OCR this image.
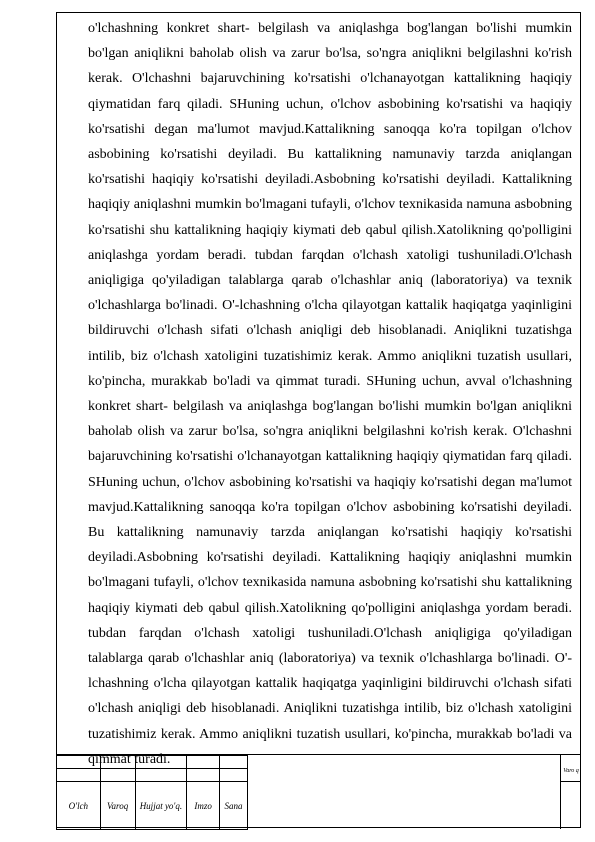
o'lchashning konkret shart- belgilash va aniqlashga bog'langan bo'lishi mumkin bo'lgan aniqlikni baholab olish va zarur bo'lsa, so'ngra aniqlikni belgilashni ko'rish kerak. O'lchashni bajaruvchining ko'rsatishi o'lchanayotgan kattalikning haqiqiy qiymatidan farq qiladi. SHuning uchun, o'lchov asbobining ko'rsatishi va haqiqiy ko'rsatishi degan ma'lumot mavjud.Kattalikning sanoqqa ko'ra topilgan o'lchov asbobining ko'rsatishi deyiladi. Bu kattalikning namunaviy tarzda aniqlangan ko'rsatishi haqiqiy ko'rsatishi deyiladi.Asbobning ko'rsatishi deyiladi. Kattalikning haqiqiy aniqlashni mumkin bo'lmagani tufayli, o'lchov texnikasida namuna asbobning ko'rsatishi shu kattalikning haqiqiy kiymati deb qabul qilish.Xatolikning qo'polligini aniqlashga yordam beradi. tubdan farqdan o'lchash xatoligi tushuniladi.O'lchash aniqligiga qo'yiladigan talablarga qarab o'lchashlar aniq (laboratoriya) va texnik o'lchashlarga bo'linadi. O'-lchashning o'lcha qilayotgan kattalik haqiqatga yaqinligini bildiruvchi o'lchash sifati o'lchash aniqligi deb hisoblanadi. Aniqlikni tuzatishga intilib, biz o'lchash xatoligini tuzatishimiz kerak. Ammo aniqlikni tuzatish usullari, ko'pincha, murakkab bo'ladi va qimmat turadi. SHuning uchun, avval o'lchashning konkret shart- belgilash va aniqlashga bog'langan bo'lishi mumkin bo'lgan aniqlikni baholab olish va zarur bo'lsa, so'ngra aniqlikni belgilashni ko'rish kerak. O'lchashni bajaruvchining ko'rsatishi o'lchanayotgan kattalikning haqiqiy qiymatidan farq qiladi. SHuning uchun, o'lchov asbobining ko'rsatishi va haqiqiy ko'rsatishi degan ma'lumot mavjud.Kattalikning sanoqqa ko'ra topilgan o'lchov asbobining ko'rsatishi deyiladi. Bu kattalikning namunaviy tarzda aniqlangan ko'rsatishi haqiqiy ko'rsatishi deyiladi.Asbobning ko'rsatishi deyiladi. Kattalikning haqiqiy aniqlashni mumkin bo'lmagani tufayli, o'lchov texnikasida namuna asbobning ko'rsatishi shu kattalikning haqiqiy kiymati deb qabul qilish.Xatolikning qo'polligini aniqlashga yordam beradi. tubdan farqdan o'lchash xatoligi tushuniladi.O'lchash aniqligiga qo'yiladigan talablarga qarab o'lchashlar aniq (laboratoriya) va texnik o'lchashlarga bo'linadi. O'-lchashning o'lcha qilayotgan kattalik haqiqatga yaqinligini bildiruvchi o'lchash sifati o'lchash aniqligi deb hisoblanadi. Aniqlikni tuzatishga intilib, biz o'lchash xatoligini tuzatishimiz kerak. Ammo aniqlikni tuzatish usullari, ko'pincha, murakkab bo'ladi va qimmat turadi.

O'lch	Varoq	Hujjat yo'q.	Imzo	Sana
Varo q
